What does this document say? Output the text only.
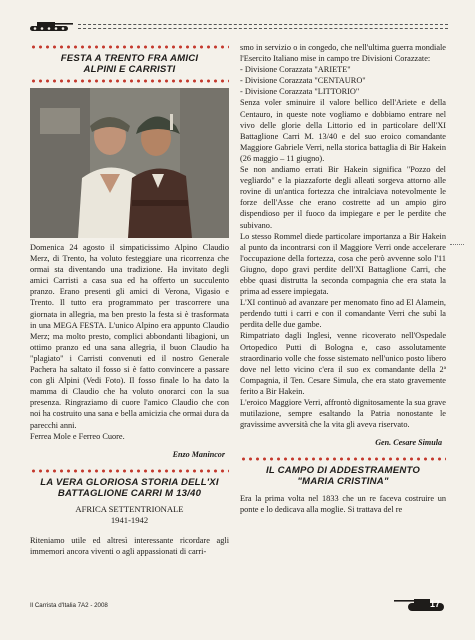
FESTA A TRENTO FRA AMICI
ALPINI E CARRISTI

Domenica 24 agosto il simpaticissimo Alpino Claudio Merz, di Trento, ha voluto festeggiare una ricorrenza che ormai sta diventando una tradizione. Ha invitato degli amici Carristi a casa sua ed ha offerto un succulento pranzo. Erano presenti gli amici di Verona, Vigasio e Trento. Il tutto era programmato per trascorrere una giornata in allegria, ma ben presto la festa si è trasformata in una MEGA FESTA. L'unico Alpino era appunto Claudio Merz; ma molto presto, complici abbondanti libagioni, un ottimo pranzo ed una sana allegria, il buon Claudio ha "plagiato" i Carristi convenuti ed il nostro Generale Pachera ha saltato il fosso si è fatto convincere a passare con gli Alpini (Vedi Foto). Il fosso finale lo ha dato la mamma di Claudio che ha voluto onorarci con la sua presenza. Ringraziamo di cuore l'amico Claudio che con noi ha costruito una sana e bella amicizia che ormai dura da parecchi anni.

Ferrea Mole e Ferreo Cuore.

Enzo Manincor
LA VERA GLORIOSA STORIA DELL'XI
BATTAGLIONE CARRI M 13/40
AFRICA SETTENTRIONALE
1941-1942

Riteniamo utile ed altresì interessante ricordare agli immemori ancora viventi o agli appassionati di carri-

smo in servizio o in congedo, che nell'ultima guerra mondiale l'Esercito Italiano mise in campo tre Divisioni Corazzate:

- Divisione Corazzata "ARIETE"
- Divisione Corazzata "CENTAURO"
- Divisione Corazzata "LITTORIO"

Senza voler sminuire il valore bellico dell'Ariete e della Centauro, in queste note vogliamo e dobbiamo entrare nel vivo delle glorie della Littorio ed in particolare dell'XI Battaglione Carri M. 13/40 e del suo eroico comandante Maggiore Gabriele Verri, nella storica battaglia di Bir Hakein (26 maggio – 11 giugno).

Se non andiamo errati Bir Hakein significa "Pozzo del vegliardo" e la piazzaforte degli alleati sorgeva attorno alle rovine di un'antica fortezza che intralciava notevolmente le forze dell'Asse che erano costrette ad un ampio giro dispendioso per il fuoco da impiegare e per le perdite che subivano.

Lo stesso Rommel diede particolare importanza a Bir Hakein al punto da incontrarsi con il Maggiore Verri onde accelerare l'occupazione della fortezza, cosa che però avvenne solo l'11 Giugno, dopo gravi perdite dell'XI Battaglione Carri, che ebbe quasi distrutta la seconda compagnia che era stata la prima ad essere impiegata.

L'XI continuò ad avanzare per menomato fino ad El Alamein, perdendo tutti i carri e con il comandante Verri che subì la perdita delle due gambe.

Rimpatriato dagli Inglesi, venne ricoverato nell'Ospedale Ortopedico Putti di Bologna e, caso assolutamente straordinario volle che fosse sistemato nell'unico posto libero dove nel letto vicino c'era il suo ex comandante della 2ª Compagnia, il Ten. Cesare Simula, che era stato gravemente ferito a Bir Hakein.

L'eroico Maggiore Verri, affrontò dignitosamente la sua grave mutilazione, sempre esaltando la Patria nonostante le gravissime avversità che la vita gli aveva riservato.

Gen. Cesare Simula
IL CAMPO DI ADDESTRAMENTO
"MARIA CRISTINA"

Era la prima volta nel 1833 che un re faceva costruire un ponte e lo dedicava alla moglie. Si trattava del re

Il Carrista d'Italia 7A2 - 2008	17
